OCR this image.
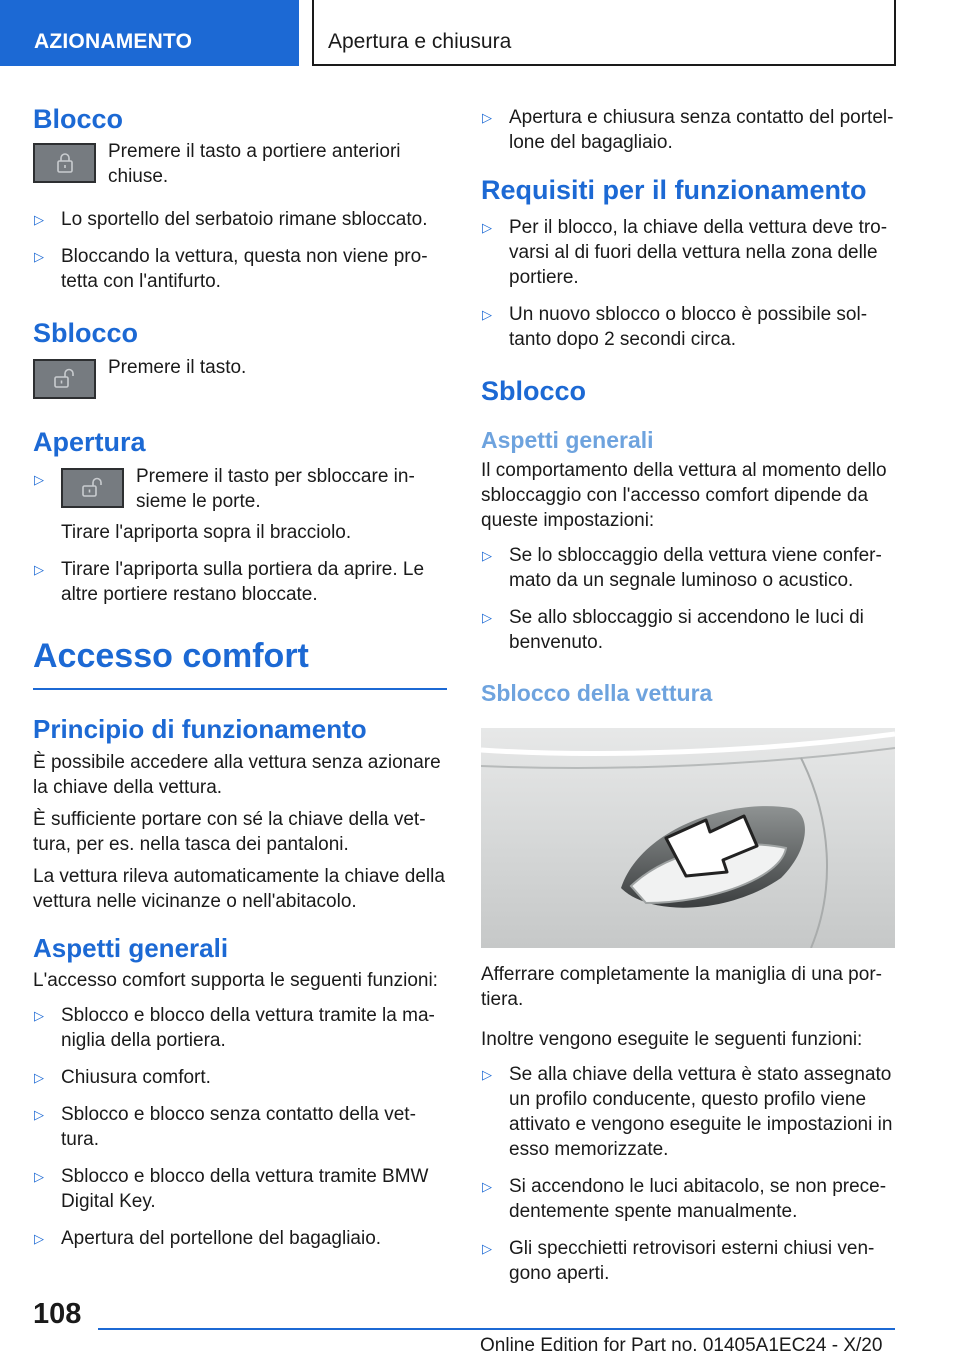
AZIONAMENTO	Apertura e chiusura
Blocco

Premere il tasto a portiere anteriori chiuse.

▷ Lo sportello del serbatoio rimane sbloccato.
▷ Bloccando la vettura, questa non viene protetta con l'antifurto.
Sblocco

Premere il tasto.

Apertura
▷	Premere il tasto per sbloccare insieme le porte.

Tirare l'apriporta sopra il bracciolo.

▷ Tirare l'apriporta sulla portiera da aprire. Le altre portiere restano bloccate.
Accesso comfort
Principio di funzionamento

È possibile accedere alla vettura senza azionare la chiave della vettura.

È sufficiente portare con sé la chiave della vettura, per es. nella tasca dei pantaloni.

La vettura rileva automaticamente la chiave della vettura nelle vicinanze o nell'abitacolo.

Aspetti generali

L'accesso comfort supporta le seguenti funzioni:

▷ Sblocco e blocco della vettura tramite la maniglia della portiera.
▷ Chiusura comfort.
▷ Sblocco e blocco senza contatto della vettura.
▷ Sblocco e blocco della vettura tramite BMW Digital Key.
▷ Apertura del portellone del bagagliaio.
▷ Apertura e chiusura senza contatto del portellone del bagagliaio.
Requisiti per il funzionamento
▷ Per il blocco, la chiave della vettura deve trovarsi al di fuori della vettura nella zona delle portiere.
▷ Un nuovo sblocco o blocco è possibile soltanto dopo 2 secondi circa.
Sblocco
Aspetti generali

Il comportamento della vettura al momento dello sbloccaggio con l'accesso comfort dipende da queste impostazioni:

▷ Se lo sbloccaggio della vettura viene confermato da un segnale luminoso o acustico.
▷ Se allo sbloccaggio si accendono le luci di benvenuto.
Sblocco della vettura

Afferrare completamente la maniglia di una portiera.

Inoltre vengono eseguite le seguenti funzioni:

▷ Se alla chiave della vettura è stato assegnato un profilo conducente, questo profilo viene attivato e vengono eseguite le impostazioni in esso memorizzate.
▷ Si accendono le luci abitacolo, se non precedentemente spente manualmente.
▷ Gli specchietti retrovisori esterni chiusi vengono aperti.
108
Online Edition for Part no. 01405A1EC24 - X/20
